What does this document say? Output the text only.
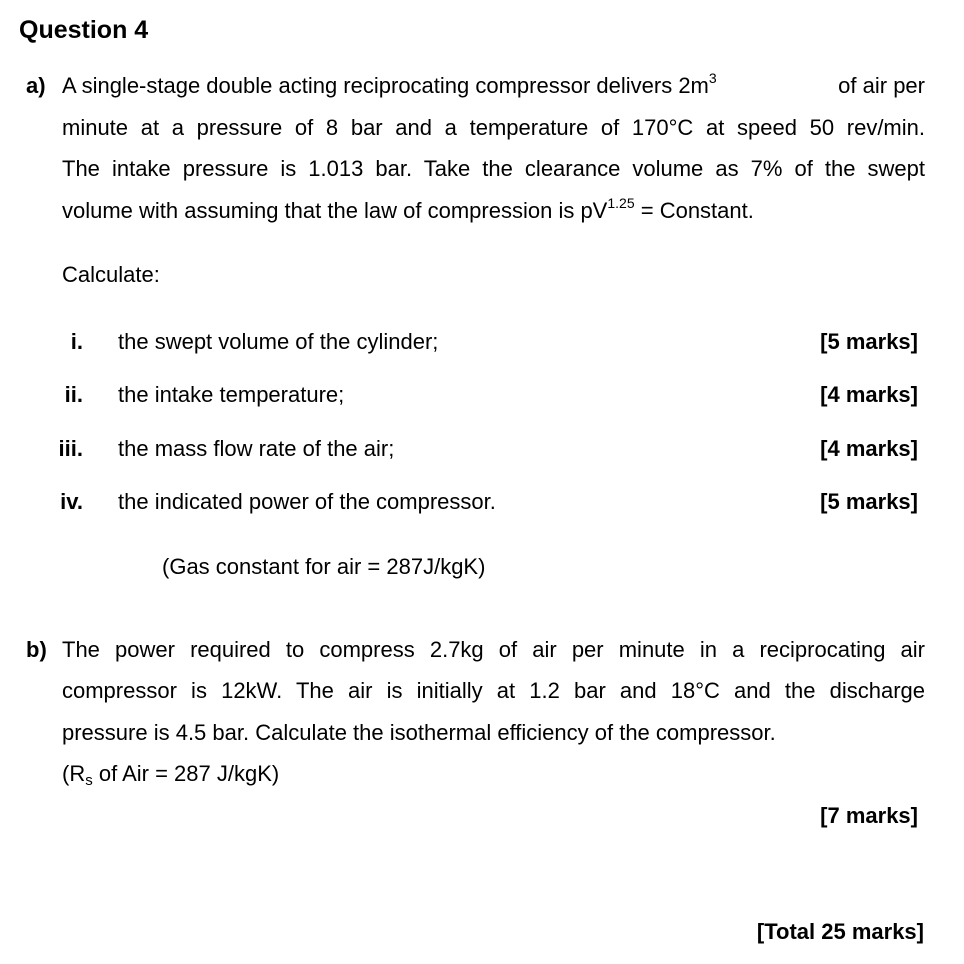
Question 4
a) A single-stage double acting reciprocating compressor delivers $2m^3$	of air per
minute at a pressure of 8 bar and a temperature of 170°C at speed 50 rev/min.
The intake pressure is 1.013 bar. Take the clearance volume as 7% of the swept
volume with assuming that the law of compression is $pV^{1.25}$ = Constant.
Calculate:
i. the swept volume of the cylinder;	[5 marks]
ii. the intake temperature;	[4 marks]
iii. the mass flow rate of the air;	[4 marks]
iv. the indicated power of the compressor.	[5 marks]
(Gas constant for air = 287J/kgK)
b) The power required to compress 2.7kg of air per minute in a reciprocating air
compressor is 12kW. The air is initially at 1.2 bar and 18°C and the discharge
pressure is 4.5 bar. Calculate the isothermal efficiency of the compressor.
($R_s$ of Air = 287 J/kgK)
[7 marks]
[Total 25 marks]
